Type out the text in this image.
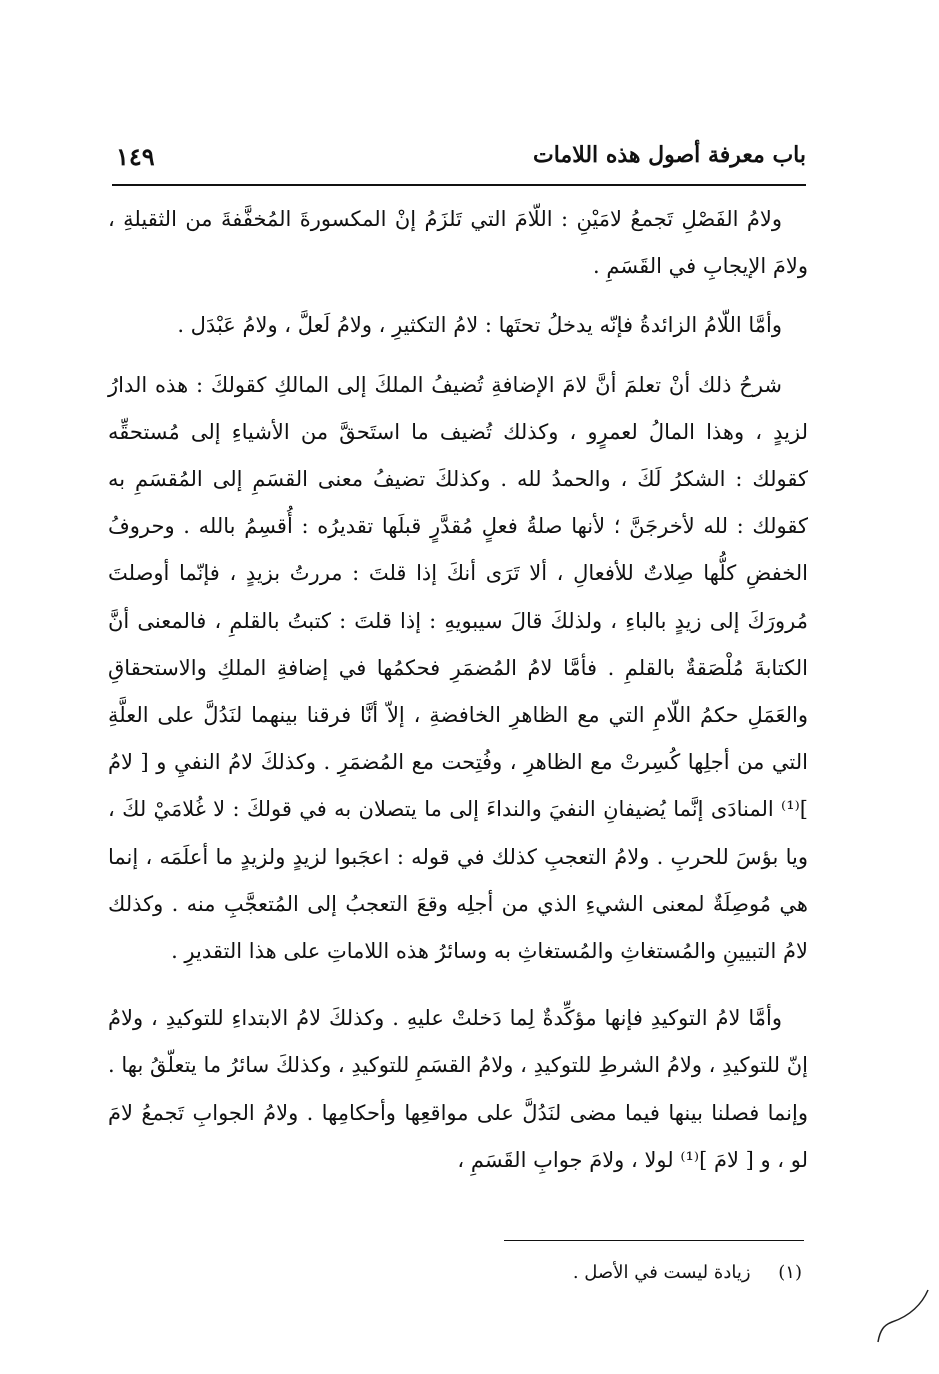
باب معرفة أصول هذه اللامات
١٤٩

ولامُ الفَصْلِ تَجمعُ لامَيْنِ : اللّامَ التي تَلزَمُ إنْ المكسورةَ المُخفَّفةَ من الثقيلةِ ، ولامَ الإيجابِ في القَسَمِ .

وأمَّا اللّامُ الزائدةُ فإنّه يدخلُ تحتَها : لامُ التكثيرِ ، ولامُ لَعلَّ ، ولامُ عَبْدَل .

شرحُ ذلك أنْ تعلمَ أنَّ لامَ الإضافةِ تُضيفُ الملكَ إلى المالكِ كقولكَ : هذه الدارُ لزيدٍ ، وهذا المالُ لعمرٍو ، وكذلك تُضيف ما استَحقَّ من الأشياءِ إلى مُستحقِّه كقولك : الشكرُ لَكَ ، والحمدُ لله . وكذلكَ تضيفُ معنى القسَمِ إلى المُقسَمِ به كقولك : لله لأخرجَنَّ ؛ لأنها صلةُ فعلٍ مُقدَّرٍ قبلَها تقديرُه : أُقسِمُ بالله . وحروفُ الخفضِ كلُّها صِلاتٌ للأفعالِ ، ألا تَرَى أنكَ إذا قلتَ : مررتُ بزيدٍ ، فإنّما أوصلتَ مُرورَكَ إلى زيدٍ بالباءِ ، ولذلكَ قالَ سيبويهِ : إذا قلتَ : كتبتُ بالقلمِ ، فالمعنى أنَّ الكتابةَ مُلْصَقةٌ بالقلمِ . فأمَّا لامُ المُضمَرِ فحكمُها في إضافةِ الملكِ والاستحقاقِ والعَمَلِ حكمُ اللّامِ التي مع الظاهرِ الخافضةِ ، إلاّ أنَّا فرقنا بينهما لنَدُلَّ على العلَّةِ التي من أجلِها كُسِرتْ مع الظاهرِ ، وفُتِحت مع المُضمَرِ . وكذلكَ لامُ النفيِ و [ لامُ ]⁽¹⁾ المنادَى إنَّما يُضيفانِ النفيَ والنداءَ إلى ما يتصلان به في قولكَ : لا غُلامَيْ لكَ ، ويا بؤسَ للحربِ . ولامُ التعجبِ كذلك في قوله : اعجَبوا لزيدٍ ولزيدٍ ما أعلَمَه ، إنما هي مُوصِلَةٌ لمعنى الشيءِ الذي من أجلِه وقعَ التعجبُ إلى المُتعجَّبِ منه . وكذلك لامُ التبيينِ والمُستغاثِ والمُستغاثِ به وسائرُ هذه اللاماتِ على هذا التقديرِ .

وأمَّا لامُ التوكيدِ فإنها مؤكِّدةٌ لِما دَخلتْ عليهِ . وكذلكَ لامُ الابتداءِ للتوكيدِ ، ولامُ إنّ للتوكيدِ ، ولامُ الشرطِ للتوكيدِ ، ولامُ القسَمِ للتوكيدِ ، وكذلكَ سائرُ ما يتعلّقُ بها . وإنما فصلنا بينها فيما مضى لنَدُلَّ على مواقعِها وأحكامِها . ولامُ الجوابِ تَجمعُ لامَ لو ، و [ لامَ ]⁽¹⁾ لولا ، ولامَ جوابِ القَسَمِ ،

(١) زيادة ليست في الأصل .
